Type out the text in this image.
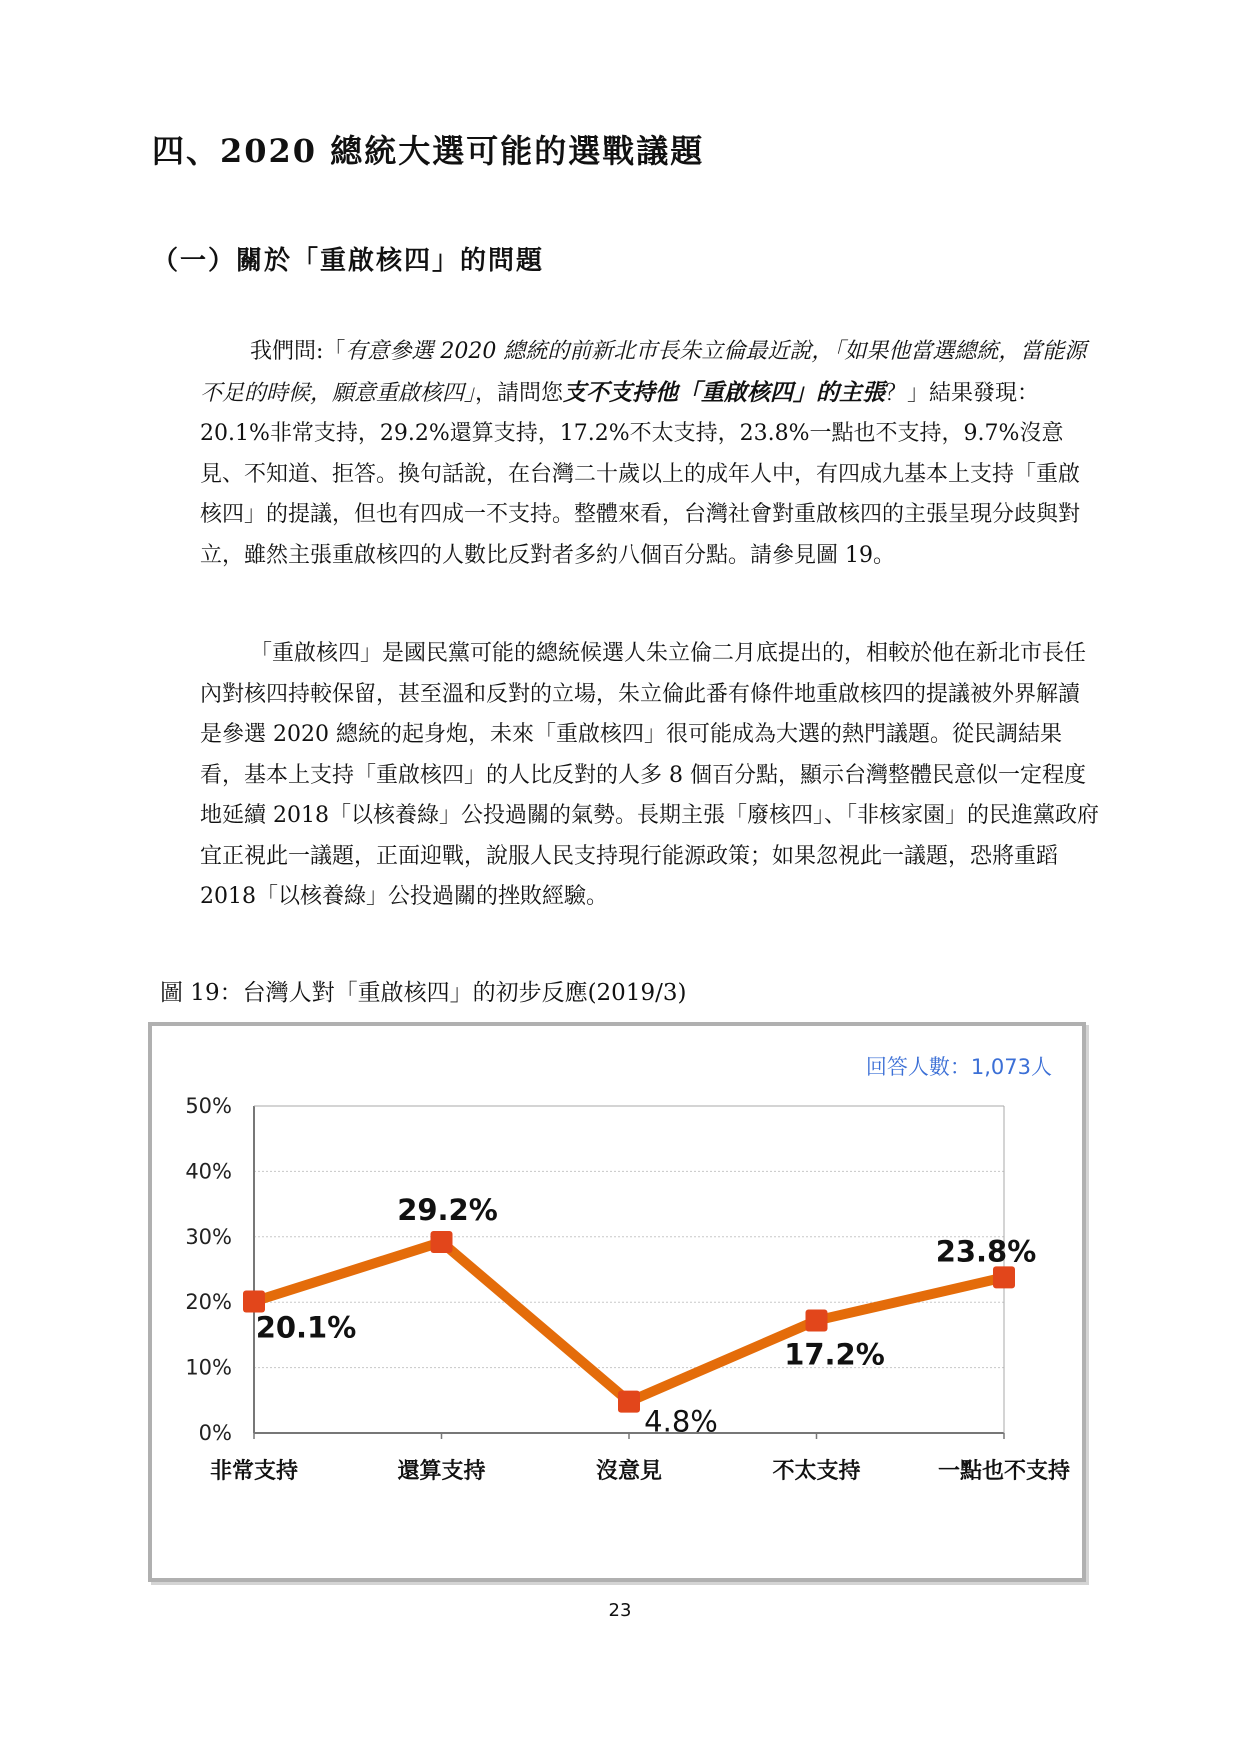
四、2020 總統大選可能的選戰議題
（一）關於「重啟核四」的問題

我們問:「有意參選 2020 總統的前新北市長朱立倫最近說，「如果他當選總統，當能源不足的時候，願意重啟核四」，請問您支不支持他「重啟核四」的主張？」結果發現：20.1%非常支持，29.2%還算支持，17.2%不太支持，23.8%一點也不支持，9.7%沒意見、不知道、拒答。換句話說，在台灣二十歲以上的成年人中，有四成九基本上支持「重啟核四」的提議，但也有四成一不支持。整體來看，台灣社會對重啟核四的主張呈現分歧與對立，雖然主張重啟核四的人數比反對者多約八個百分點。請參見圖 19。

「重啟核四」是國民黨可能的總統候選人朱立倫二月底提出的，相較於他在新北市長任內對核四持較保留，甚至溫和反對的立場，朱立倫此番有條件地重啟核四的提議被外界解讀是參選 2020 總統的起身炮，未來「重啟核四」很可能成為大選的熱門議題。從民調結果看，基本上支持「重啟核四」的人比反對的人多 8 個百分點，顯示台灣整體民意似一定程度地延續 2018「以核養綠」公投過關的氣勢。長期主張「廢核四」、「非核家園」的民進黨政府宜正視此一議題，正面迎戰，說服人民支持現行能源政策；如果忽視此一議題，恐將重蹈 2018「以核養綠」公投過關的挫敗經驗。

圖 19：台灣人對「重啟核四」的初步反應(2019/3)
回答人數：1,073人
0%
10%
20%
30%
40%
50%
非常支持	還算支持	沒意見	不太支持	一點也不支持
20.1%
29.2%
4.8%
17.2%
23.8%
23
